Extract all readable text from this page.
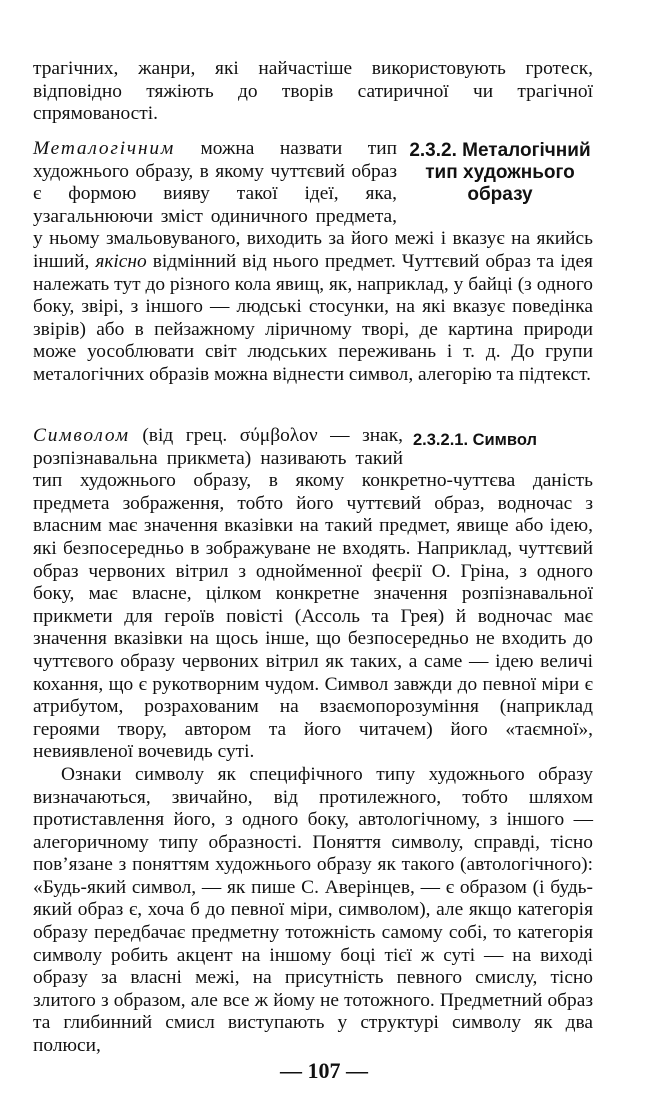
трагічних, жанри, які найчастіше використовують гротеск, відповідно тяжіють до творів сатиричної чи трагічної спрямованості.

2.3.2. Металогічний тип художнього образу

Металогічним можна назвати тип художнього образу, в якому чуттєвий образ є формою вияву такої ідеї, яка, узагальнюючи зміст одиничного предмета, у ньому змальовуваного, виходить за його межі і вказує на якийсь інший, якісно відмінний від нього предмет. Чуттєвий образ та ідея належать тут до різного кола явищ, як, наприклад, у байці (з одного боку, звірі, з іншого — людські стосунки, на які вказує поведінка звірів) або в пейзажному ліричному творі, де картина природи може уособлювати світ людських переживань і т. д. До групи металогічних образів можна віднести символ, алегорію та підтекст.

2.3.2.1. Символ

Символом (від грец. σύμβολον — знак, розпізнавальна прикмета) називають такий тип художнього образу, в якому конкретно-чуттєва даність предмета зображення, тобто його чуттєвий образ, водночас з власним має значення вказівки на такий предмет, явище або ідею, які безпосередньо в зображуване не входять. Наприклад, чуттєвий образ червоних вітрил з однойменної феєрії О. Гріна, з одного боку, має власне, цілком конкретне значення розпізнавальної прикмети для героїв повісті (Ассоль та Грея) й водночас має значення вказівки на щось інше, що безпосередньо не входить до чуттєвого образу червоних вітрил як таких, а саме — ідею величі кохання, що є рукотворним чудом. Символ завжди до певної міри є атрибутом, розрахованим на взаємопорозуміння (наприклад героями твору, автором та його читачем) його «таємної», невиявленої вочевидь суті.

Ознаки символу як специфічного типу художнього образу визначаються, звичайно, від протилежного, тобто шляхом протиставлення його, з одного боку, автологічному, з іншого — алегоричному типу образності. Поняття символу, справді, тісно пов’язане з поняттям художнього образу як такого (автологічного): «Будь-який символ, — як пише С. Аверінцев, — є образом (і будь-який образ є, хоча б до певної міри, символом), але якщо категорія образу передбачає предметну тотожність самому собі, то категорія символу робить акцент на іншому боці тієї ж суті — на виході образу за власні межі, на присутність певного смислу, тісно злитого з образом, але все ж йому не тотожного. Предметний образ та глибинний смисл виступають у структурі символу як два полюси,

— 107 —
